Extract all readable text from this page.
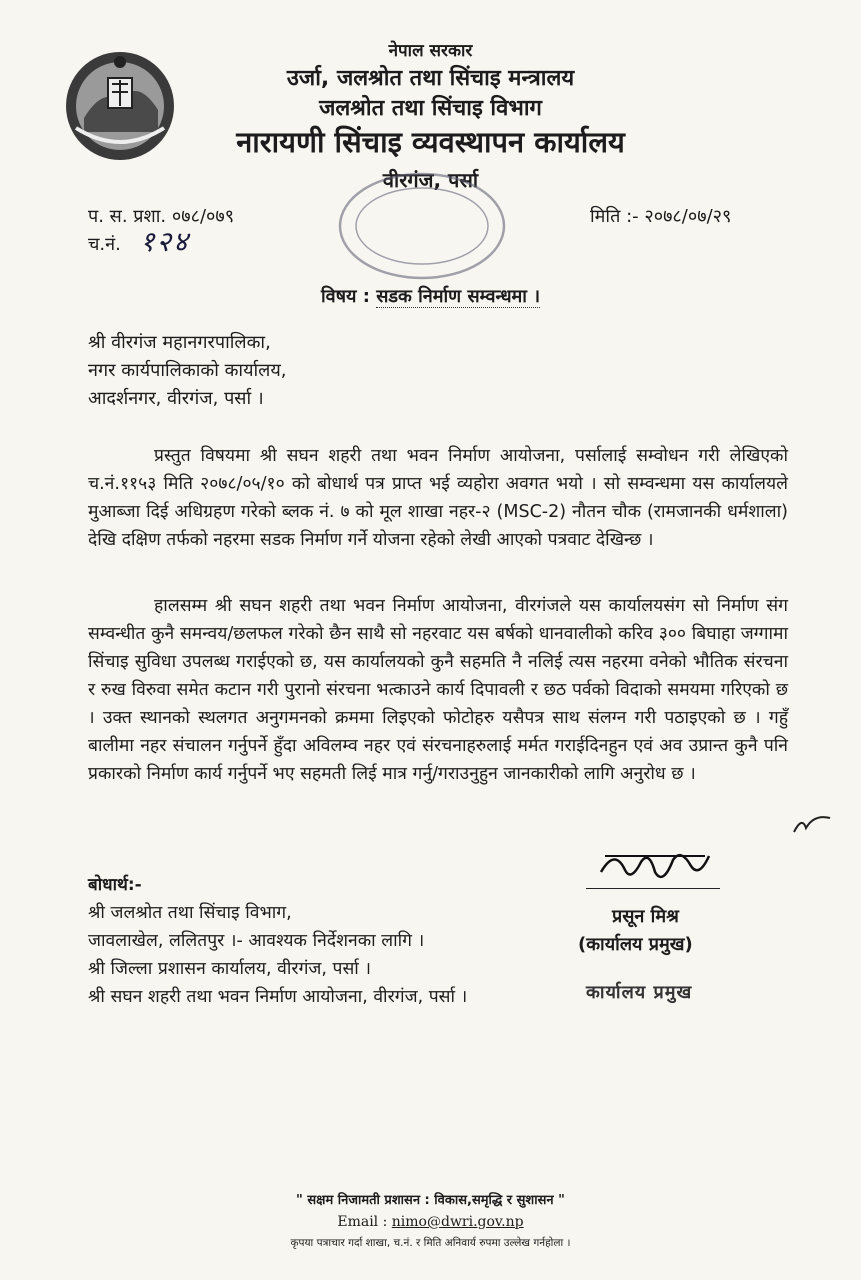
नेपाल सरकार
उर्जा, जलश्रोत तथा सिंचाइ मन्त्रालय
जलश्रोत तथा सिंचाइ विभाग
नारायणी सिंचाइ व्यवस्थापन कार्यालय
वीरगंज, पर्सा
प. स. प्रशा. ०७८/०७९
च.नं. १२४
मिति :- २०७८/०७/२९
विषय : सडक निर्माण सम्वन्धमा ।
श्री वीरगंज महानगरपालिका,
नगर कार्यपालिकाको कार्यालय,
आदर्शनगर, वीरगंज, पर्सा ।
प्रस्तुत विषयमा श्री सघन शहरी तथा भवन निर्माण आयोजना, पर्सालाई सम्वोधन गरी लेखिएको च.नं.११५३ मिति २०७८/०५/१० को बोधार्थ पत्र प्राप्त भई व्यहोरा अवगत भयो । सो सम्वन्धमा यस कार्यालयले मुआब्जा दिई अधिग्रहण गरेको ब्लक नं. ७ को मूल शाखा नहर-२ (MSC-2) नौतन चौक (रामजानकी धर्मशाला) देखि दक्षिण तर्फको नहरमा सडक निर्माण गर्ने योजना रहेको लेखी आएको पत्रवाट देखिन्छ ।
हालसम्म श्री सघन शहरी तथा भवन निर्माण आयोजना, वीरगंजले यस कार्यालयसंग सो निर्माण संग सम्वन्धीत कुनै समन्वय/छलफल गरेको छैन साथै सो नहरवाट यस बर्षको धानवालीको करिव ३०० बिघाहा जग्गामा सिंचाइ सुविधा उपलब्ध गराईएको छ, यस कार्यालयको कुनै सहमति नै नलिई त्यस नहरमा वनेको भौतिक संरचना र रुख विरुवा समेत कटान गरी पुरानो संरचना भत्काउने कार्य दिपावली र छठ पर्वको विदाको समयमा गरिएको छ । उक्त स्थानको स्थलगत अनुगमनको क्रममा लिइएको फोटोहरु यसैपत्र साथ संलग्न गरी पठाइएको छ । गहुँ बालीमा नहर संचालन गर्नुपर्ने हुँदा अविलम्व नहर एवं संरचनाहरुलाई मर्मत गराईदिनहुन एवं अव उप्रान्त कुनै पनि प्रकारको निर्माण कार्य गर्नुपर्ने भए सहमती लिई मात्र गर्नु/गराउनुहुन जानकारीको लागि अनुरोध छ ।
बोधार्थ:-
श्री जलश्रोत तथा सिंचाइ विभाग,
जावलाखेल, ललितपुर ।- आवश्यक निर्देशनका लागि ।
श्री जिल्ला प्रशासन कार्यालय, वीरगंज, पर्सा ।
श्री सघन शहरी तथा भवन निर्माण आयोजना, वीरगंज, पर्सा ।
प्रसून मिश्र
(कार्यालय प्रमुख)
कार्यालय प्रमुख
" सक्षम निजामती प्रशासन : विकास,समृद्धि र सुशासन "
Email : nimo@dwri.gov.np
कृपया पत्राचार गर्दा शाखा, च.नं. र मिति अनिवार्य रुपमा उल्लेख गर्नहोला ।
